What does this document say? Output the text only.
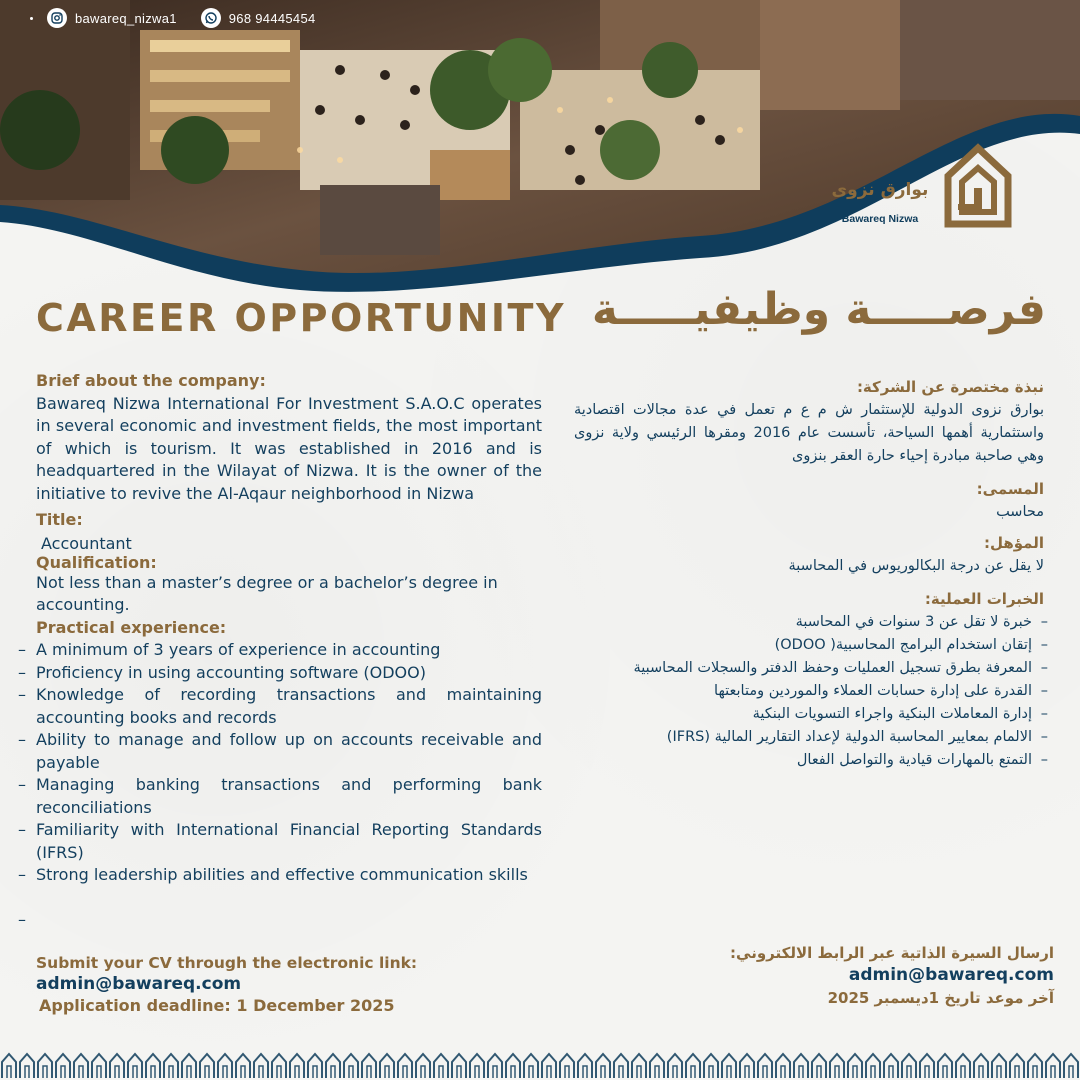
bawareq_nizwa1	968 94445454
بوارق نزوى
Bawareq Nizwa
CAREER OPPORTUNITY فرصـــــة وظيفيـــــة

Brief about the company:

Bawareq Nizwa International For Investment S.A.O.C operates in several economic and investment fields, the most important of which is tourism. It was established in 2016 and is headquartered in the Wilayat of Nizwa. It is the owner of the initiative to revive the Al-Aqaur neighborhood in Nizwa

Title:

Accountant

Qualification:

Not less than a master’s degree or a bachelor’s degree in accounting.

Practical experience:

– A minimum of 3 years of experience in accounting
– Proficiency in using accounting software (ODOO)
– Knowledge of recording transactions and maintaining accounting books and records
– Ability to manage and follow up on accounts receivable and payable
– Managing banking transactions and performing bank reconciliations
– Familiarity with International Financial Reporting Standards (IFRS)
– Strong leadership abilities and effective communication skills
–

نبذة مختصرة عن الشركة:

بوارق نزوى الدولية للإستثمار ش م ع م تعمل في عدة مجالات اقتصادية واستثمارية أهمها السياحة، تأسست عام 2016 ومقرها الرئيسي ولاية نزوى وهي صاحبة مبادرة إحياء حارة العقر بنزوى

المسمى:

محاسب

المؤهل:

لا يقل عن درجة البكالوريوس في المحاسبة

الخبرات العملية:

– خبرة لا تقل عن 3 سنوات في المحاسبة
– إتقان استخدام البرامج المحاسبية( ODOO)
– المعرفة بطرق تسجيل العمليات وحفظ الدفتر والسجلات المحاسبية
– القدرة على إدارة حسابات العملاء والموردين ومتابعتها
– إدارة المعاملات البنكية واجراء التسويات البنكية
– الالمام بمعايير المحاسبة الدولية لإعداد التقارير المالية (IFRS)
– التمتع بالمهارات قيادية والتواصل الفعال
Submit your CV through the electronic link:
admin@bawareq.com
Application deadline: 1 December 2025
ارسال السيرة الذاتية عبر الرابط الالكتروني:
admin@bawareq.com
آخر موعد تاريخ 1ديسمبر 2025
